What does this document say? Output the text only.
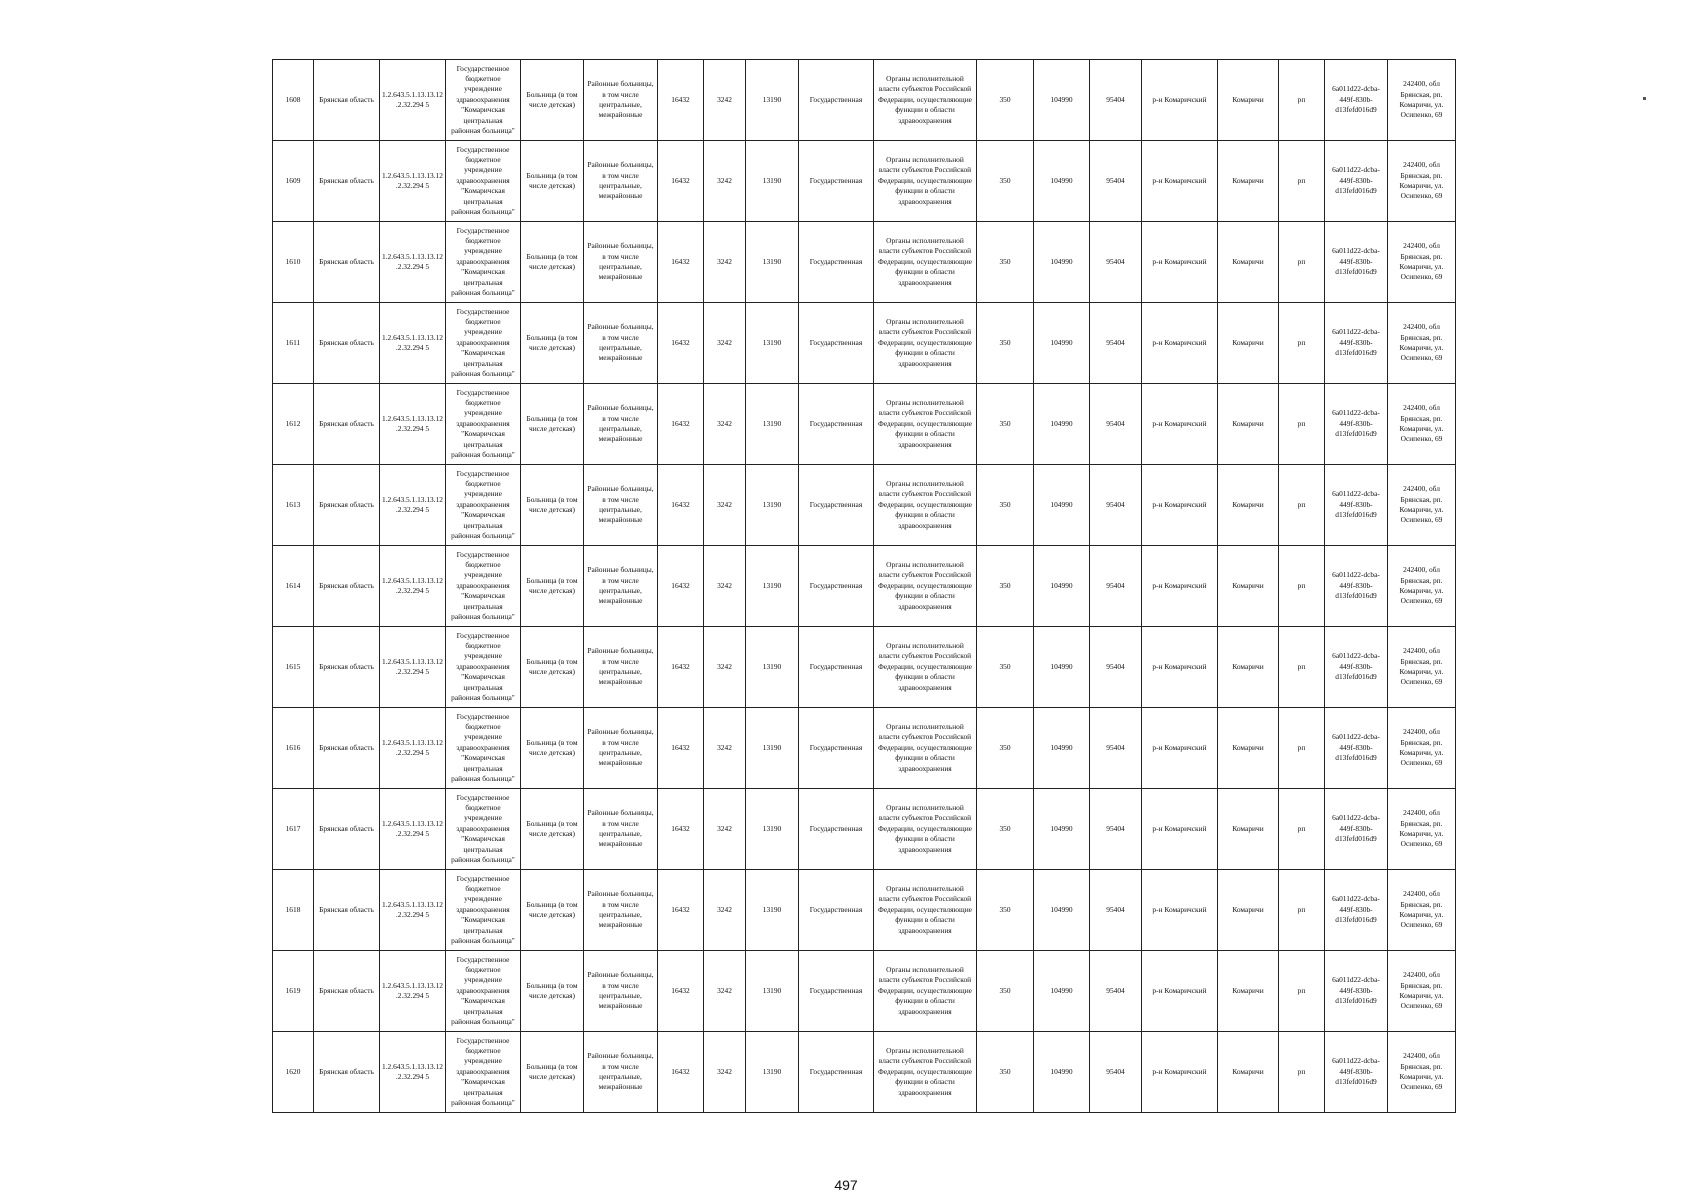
1608	Брянская область	1.2.643.5.1.13.13.12.2.32.294 5	Государственное бюджетное учреждение здравоохранения "Комаричская центральная районная больница"	Больница (в том числе детская)	Районные больницы, в том числе центральные, межрайонные	16432	3242	13190	Государственная	Органы исполнительной власти субъектов Российской Федерации, осуществляющие функции в области здравоохранения	350	104990	95404	р-н Комаричский	Комаричи	рп	6a011d22-dcba-449f-830b-d13fefd016d9	242400, обл Брянская, рп. Комаричи, ул. Осипенко, 69
1609	Брянская область	1.2.643.5.1.13.13.12.2.32.294 5	Государственное бюджетное учреждение здравоохранения "Комаричская центральная районная больница"	Больница (в том числе детская)	Районные больницы, в том числе центральные, межрайонные	16432	3242	13190	Государственная	Органы исполнительной власти субъектов Российской Федерации, осуществляющие функции в области здравоохранения	350	104990	95404	р-н Комаричский	Комаричи	рп	6a011d22-dcba-449f-830b-d13fefd016d9	242400, обл Брянская, рп. Комаричи, ул. Осипенко, 69
1610	Брянская область	1.2.643.5.1.13.13.12.2.32.294 5	Государственное бюджетное учреждение здравоохранения "Комаричская центральная районная больница"	Больница (в том числе детская)	Районные больницы, в том числе центральные, межрайонные	16432	3242	13190	Государственная	Органы исполнительной власти субъектов Российской Федерации, осуществляющие функции в области здравоохранения	350	104990	95404	р-н Комаричский	Комаричи	рп	6a011d22-dcba-449f-830b-d13fefd016d9	242400, обл Брянская, рп. Комаричи, ул. Осипенко, 69
1611	Брянская область	1.2.643.5.1.13.13.12.2.32.294 5	Государственное бюджетное учреждение здравоохранения "Комаричская центральная районная больница"	Больница (в том числе детская)	Районные больницы, в том числе центральные, межрайонные	16432	3242	13190	Государственная	Органы исполнительной власти субъектов Российской Федерации, осуществляющие функции в области здравоохранения	350	104990	95404	р-н Комаричский	Комаричи	рп	6a011d22-dcba-449f-830b-d13fefd016d9	242400, обл Брянская, рп. Комаричи, ул. Осипенко, 69
1612	Брянская область	1.2.643.5.1.13.13.12.2.32.294 5	Государственное бюджетное учреждение здравоохранения "Комаричская центральная районная больница"	Больница (в том числе детская)	Районные больницы, в том числе центральные, межрайонные	16432	3242	13190	Государственная	Органы исполнительной власти субъектов Российской Федерации, осуществляющие функции в области здравоохранения	350	104990	95404	р-н Комаричский	Комаричи	рп	6a011d22-dcba-449f-830b-d13fefd016d9	242400, обл Брянская, рп. Комаричи, ул. Осипенко, 69
1613	Брянская область	1.2.643.5.1.13.13.12.2.32.294 5	Государственное бюджетное учреждение здравоохранения "Комаричская центральная районная больница"	Больница (в том числе детская)	Районные больницы, в том числе центральные, межрайонные	16432	3242	13190	Государственная	Органы исполнительной власти субъектов Российской Федерации, осуществляющие функции в области здравоохранения	350	104990	95404	р-н Комаричский	Комаричи	рп	6a011d22-dcba-449f-830b-d13fefd016d9	242400, обл Брянская, рп. Комаричи, ул. Осипенко, 69
1614	Брянская область	1.2.643.5.1.13.13.12.2.32.294 5	Государственное бюджетное учреждение здравоохранения "Комаричская центральная районная больница"	Больница (в том числе детская)	Районные больницы, в том числе центральные, межрайонные	16432	3242	13190	Государственная	Органы исполнительной власти субъектов Российской Федерации, осуществляющие функции в области здравоохранения	350	104990	95404	р-н Комаричский	Комаричи	рп	6a011d22-dcba-449f-830b-d13fefd016d9	242400, обл Брянская, рп. Комаричи, ул. Осипенко, 69
1615	Брянская область	1.2.643.5.1.13.13.12.2.32.294 5	Государственное бюджетное учреждение здравоохранения "Комаричская центральная районная больница"	Больница (в том числе детская)	Районные больницы, в том числе центральные, межрайонные	16432	3242	13190	Государственная	Органы исполнительной власти субъектов Российской Федерации, осуществляющие функции в области здравоохранения	350	104990	95404	р-н Комаричский	Комаричи	рп	6a011d22-dcba-449f-830b-d13fefd016d9	242400, обл Брянская, рп. Комаричи, ул. Осипенко, 69
1616	Брянская область	1.2.643.5.1.13.13.12.2.32.294 5	Государственное бюджетное учреждение здравоохранения "Комаричская центральная районная больница"	Больница (в том числе детская)	Районные больницы, в том числе центральные, межрайонные	16432	3242	13190	Государственная	Органы исполнительной власти субъектов Российской Федерации, осуществляющие функции в области здравоохранения	350	104990	95404	р-н Комаричский	Комаричи	рп	6a011d22-dcba-449f-830b-d13fefd016d9	242400, обл Брянская, рп. Комаричи, ул. Осипенко, 69
1617	Брянская область	1.2.643.5.1.13.13.12.2.32.294 5	Государственное бюджетное учреждение здравоохранения "Комаричская центральная районная больница"	Больница (в том числе детская)	Районные больницы, в том числе центральные, межрайонные	16432	3242	13190	Государственная	Органы исполнительной власти субъектов Российской Федерации, осуществляющие функции в области здравоохранения	350	104990	95404	р-н Комаричский	Комаричи	рп	6a011d22-dcba-449f-830b-d13fefd016d9	242400, обл Брянская, рп. Комаричи, ул. Осипенко, 69
1618	Брянская область	1.2.643.5.1.13.13.12.2.32.294 5	Государственное бюджетное учреждение здравоохранения "Комаричская центральная районная больница"	Больница (в том числе детская)	Районные больницы, в том числе центральные, межрайонные	16432	3242	13190	Государственная	Органы исполнительной власти субъектов Российской Федерации, осуществляющие функции в области здравоохранения	350	104990	95404	р-н Комаричский	Комаричи	рп	6a011d22-dcba-449f-830b-d13fefd016d9	242400, обл Брянская, рп. Комаричи, ул. Осипенко, 69
1619	Брянская область	1.2.643.5.1.13.13.12.2.32.294 5	Государственное бюджетное учреждение здравоохранения "Комаричская центральная районная больница"	Больница (в том числе детская)	Районные больницы, в том числе центральные, межрайонные	16432	3242	13190	Государственная	Органы исполнительной власти субъектов Российской Федерации, осуществляющие функции в области здравоохранения	350	104990	95404	р-н Комаричский	Комаричи	рп	6a011d22-dcba-449f-830b-d13fefd016d9	242400, обл Брянская, рп. Комаричи, ул. Осипенко, 69
1620	Брянская область	1.2.643.5.1.13.13.12.2.32.294 5	Государственное бюджетное учреждение здравоохранения "Комаричская центральная районная больница"	Больница (в том числе детская)	Районные больницы, в том числе центральные, межрайонные	16432	3242	13190	Государственная	Органы исполнительной власти субъектов Российской Федерации, осуществляющие функции в области здравоохранения	350	104990	95404	р-н Комаричский	Комаричи	рп	6a011d22-dcba-449f-830b-d13fefd016d9	242400, обл Брянская, рп. Комаричи, ул. Осипенко, 69
497
